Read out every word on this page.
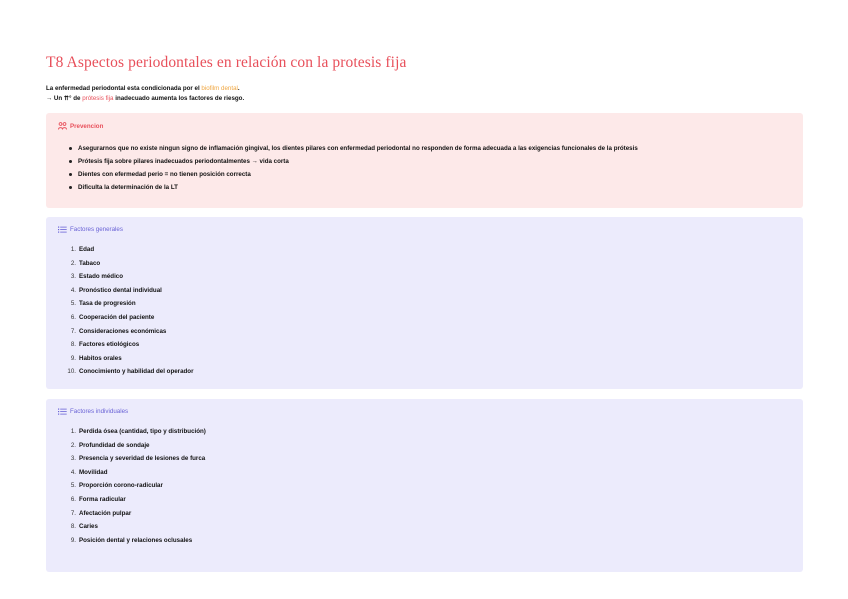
T8 Aspectos periodontales en relación con la protesis fija
La enfermedad periodontal esta condicionada por el biofilm dental.
→ Un ⇈° de prótesis fija inadecuado aumenta los factores de riesgo.
Prevencion
Asegurarnos que no existe ningun signo de inflamación gingival, los dientes pilares con enfermedad periodontal no responden de forma adecuada a las exigencias funcionales de la prótesis
Prótesis fija sobre pilares inadecuados periodontalmentes → vida corta
Dientes con efermedad perio = no tienen posición correcta
Dificulta la determinación de la LT
Factores generales
1. Edad
2. Tabaco
3. Estado médico
4. Pronóstico dental individual
5. Tasa de progresión
6. Cooperación del paciente
7. Consideraciones económicas
8. Factores etiológicos
9. Habitos orales
10. Conocimiento y habilidad del operador
Factores individuales
1. Perdida ósea (cantidad, tipo y distribución)
2. Profundidad de sondaje
3. Presencia y severidad de lesiones de furca
4. Movilidad
5. Proporción corono-radicular
6. Forma radicular
7. Afectación pulpar
8. Caries
9. Posición dental y relaciones oclusales
